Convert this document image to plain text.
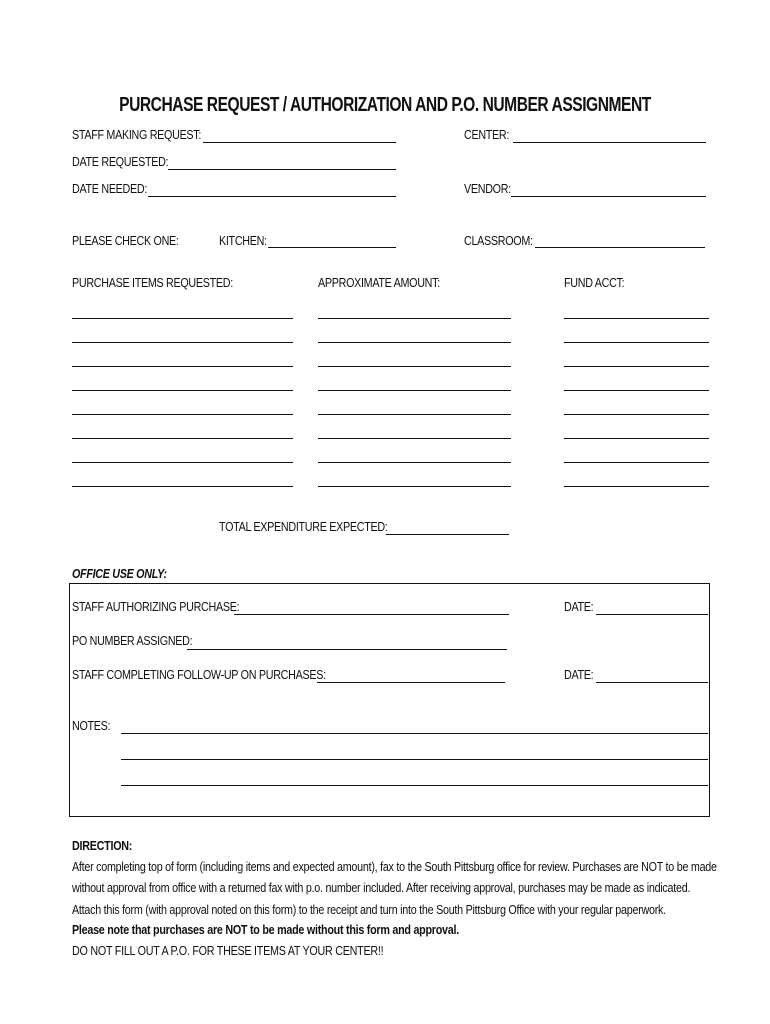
PURCHASE REQUEST / AUTHORIZATION AND P.O. NUMBER ASSIGNMENT
STAFF MAKING REQUEST:	CENTER:
DATE REQUESTED:
DATE NEEDED:	VENDOR:
PLEASE CHECK ONE:	KITCHEN:	CLASSROOM:
PURCHASE ITEMS REQUESTED:	APPROXIMATE AMOUNT:	FUND ACCT:
TOTAL EXPENDITURE EXPECTED:
OFFICE USE ONLY:
STAFF AUTHORIZING PURCHASE:	DATE:
PO NUMBER ASSIGNED:
STAFF COMPLETING FOLLOW-UP ON PURCHASES:	DATE:
NOTES:
DIRECTION:
After completing top of form (including items and expected amount), fax to the South Pittsburg office for review. Purchases are NOT to be made
without approval from office with a returned fax with p.o. number included. After receiving approval, purchases may be made as indicated.
Attach this form (with approval noted on this form) to the receipt and turn into the South Pittsburg Office with your regular paperwork.
Please note that purchases are NOT to be made without this form and approval.
DO NOT FILL OUT A P.O. FOR THESE ITEMS AT YOUR CENTER!!
